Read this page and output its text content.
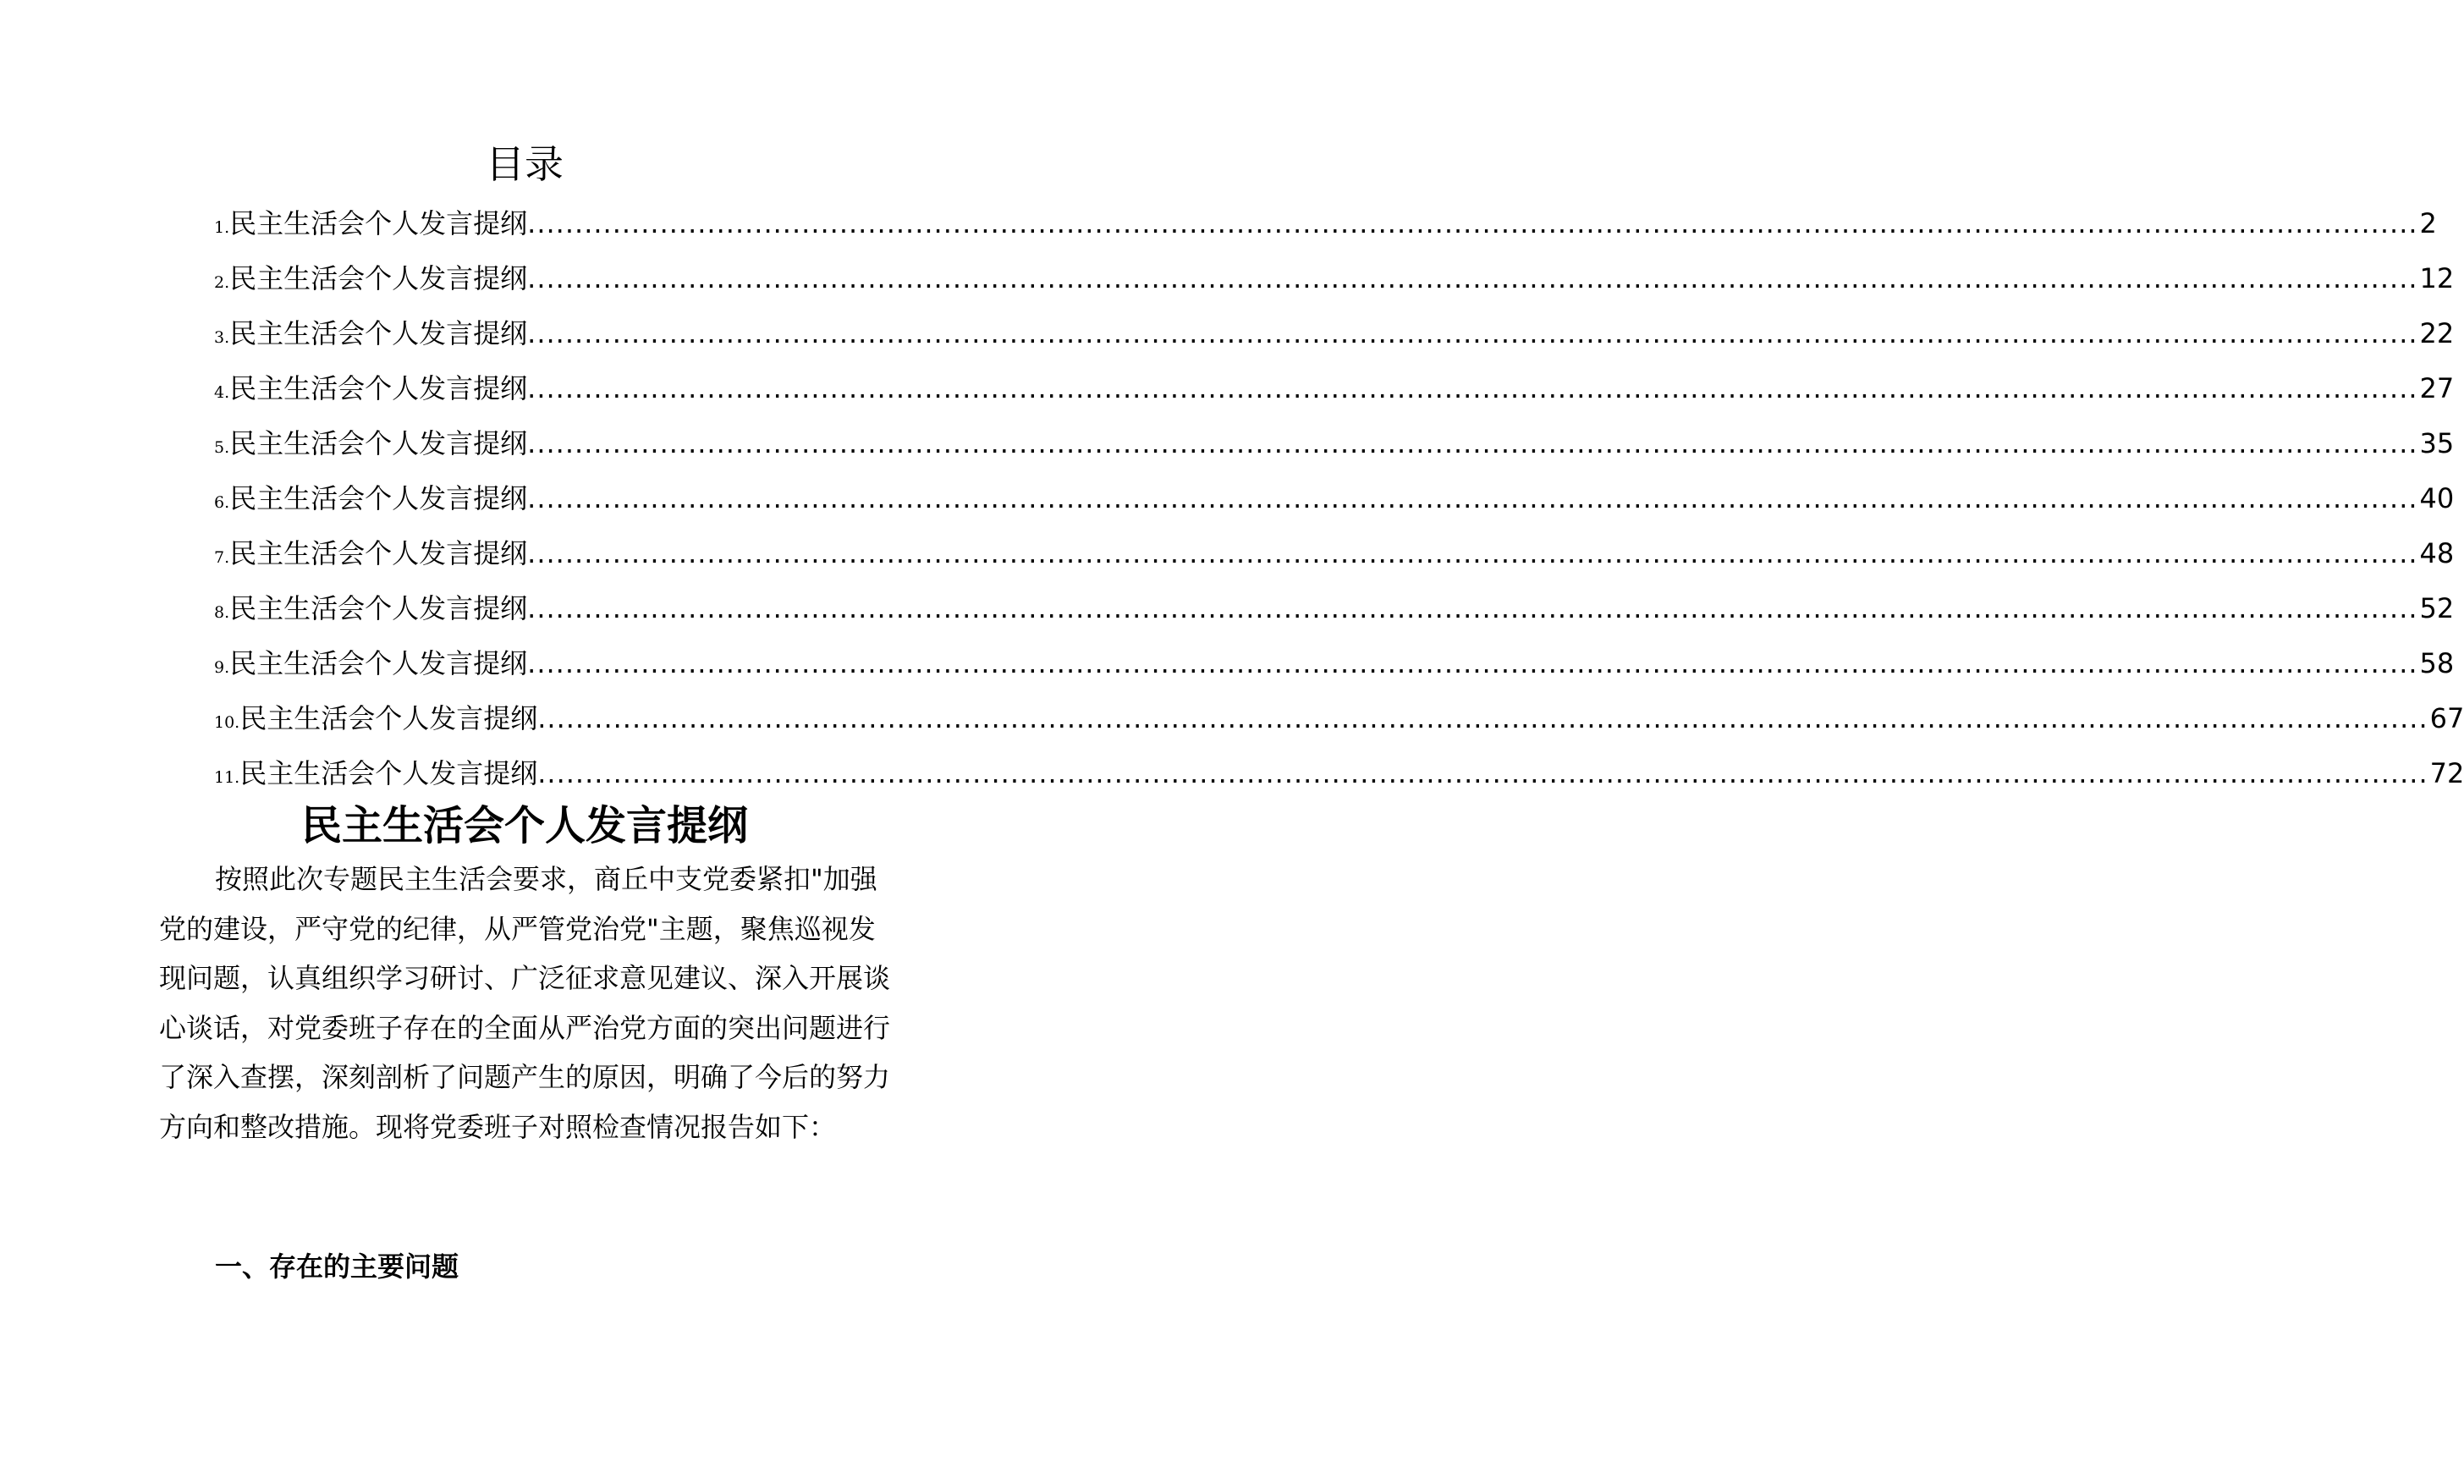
目录
1. 民主生活会个人发言提纲 ........................................................................................................................................................................................................ 2
2. 民主生活会个人发言提纲 ........................................................................................................................................................................................................ 12
3. 民主生活会个人发言提纲 ........................................................................................................................................................................................................ 22
4. 民主生活会个人发言提纲 ........................................................................................................................................................................................................ 27
5. 民主生活会个人发言提纲 ........................................................................................................................................................................................................ 35
6. 民主生活会个人发言提纲 ........................................................................................................................................................................................................ 40
7. 民主生活会个人发言提纲 ........................................................................................................................................................................................................ 48
8. 民主生活会个人发言提纲 ........................................................................................................................................................................................................ 52
9. 民主生活会个人发言提纲 ........................................................................................................................................................................................................ 58
10. 民主生活会个人发言提纲 ........................................................................................................................................................................................................ 67
11. 民主生活会个人发言提纲 ........................................................................................................................................................................................................ 72
民主生活会个人发言提纲

按照此次专题民主生活会要求，商丘中支党委紧扣"加强党的建设，严守党的纪律，从严管党治党"主题，聚焦巡视发现问题，认真组织学习研讨、广泛征求意见建议、深入开展谈心谈话，对党委班子存在的全面从严治党方面的突出问题进行了深入查摆，深刻剖析了问题产生的原因，明确了今后的努力方向和整改措施。现将党委班子对照检查情况报告如下：

一、存在的主要问题
